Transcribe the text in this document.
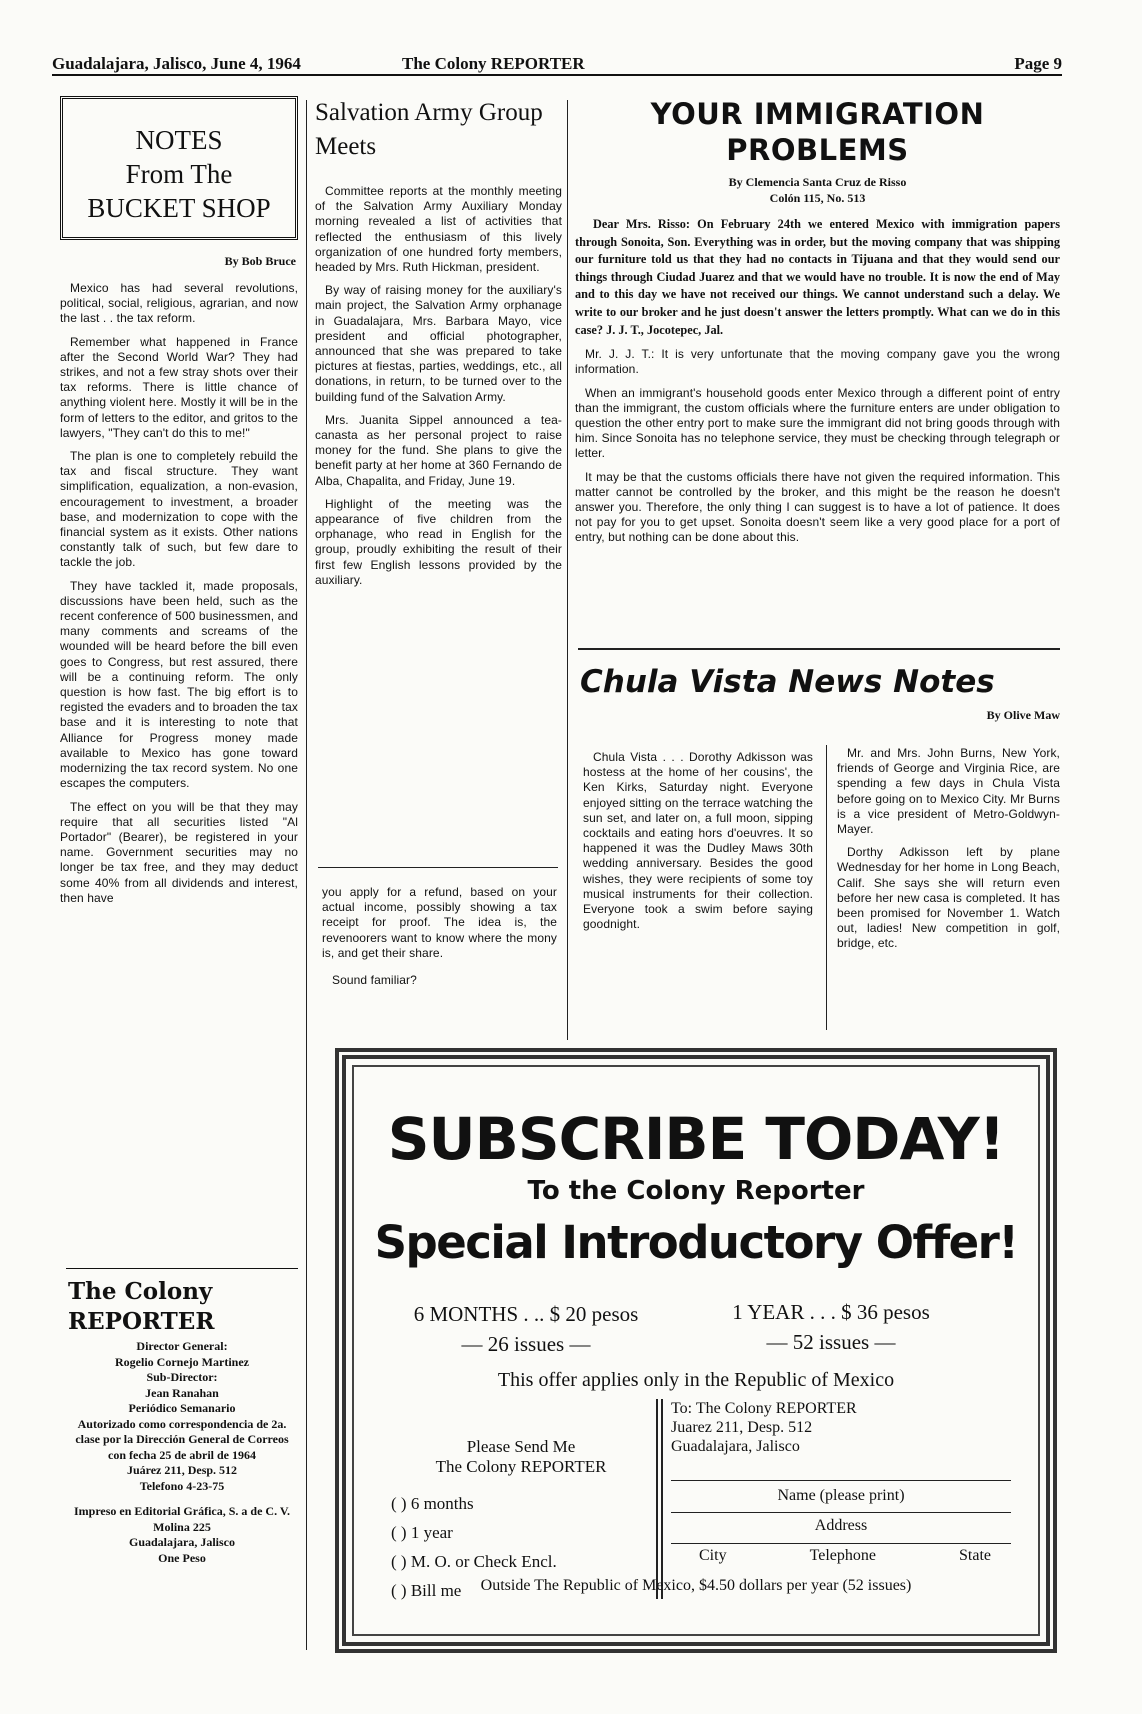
Guadalajara, Jalisco, June 4, 1964	The Colony REPORTER	Page 9
NOTES
From The
BUCKET SHOP
By Bob Bruce

Mexico has had several revolutions, political, social, religious, agrarian, and now the last . . the tax reform.

Remember what happened in France after the Second World War? They had strikes, and not a few stray shots over their tax reforms. There is little chance of anything violent here. Mostly it will be in the form of letters to the editor, and gritos to the lawyers, "They can't do this to me!"

The plan is one to completely rebuild the tax and fiscal structure. They want simplification, equalization, a non-evasion, encouragement to investment, a broader base, and modernization to cope with the financial system as it exists. Other nations constantly talk of such, but few dare to tackle the job.

They have tackled it, made proposals, discussions have been held, such as the recent conference of 500 businessmen, and many comments and screams of the wounded will be heard before the bill even goes to Congress, but rest assured, there will be a continuing reform. The only question is how fast. The big effort is to registed the evaders and to broaden the tax base and it is interesting to note that Alliance for Progress money made available to Mexico has gone toward modernizing the tax record system. No one escapes the computers.

The effect on you will be that they may require that all securities listed "Al Portador" (Bearer), be registered in your name. Government securities may no longer be tax free, and they may deduct some 40% from all dividends and interest, then have

The Colony REPORTER
Director General:
Rogelio Cornejo Martinez
Sub-Director:
Jean Ranahan
Periódico Semanario
Autorizado como correspondencia de 2a. clase por la Dirección General de Correos con fecha 25 de abril de 1964
Juárez 211, Desp. 512
Telefono 4-23-75
Impreso en Editorial Gráfica, S. a de C. V.
Molina 225
Guadalajara, Jalisco
One Peso
Salvation Army Group Meets

Committee reports at the monthly meeting of the Salvation Army Auxiliary Monday morning revealed a list of activities that reflected the enthusiasm of this lively organization of one hundred forty members, headed by Mrs. Ruth Hickman, president.

By way of raising money for the auxiliary's main project, the Salvation Army orphanage in Guadalajara, Mrs. Barbara Mayo, vice president and official photographer, announced that she was prepared to take pictures at fiestas, parties, weddings, etc., all donations, in return, to be turned over to the building fund of the Salvation Army.

Mrs. Juanita Sippel announced a tea-canasta as her personal project to raise money for the fund. She plans to give the benefit party at her home at 360 Fernando de Alba, Chapalita, and Friday, June 19.

Highlight of the meeting was the appearance of five children from the orphanage, who read in English for the group, proudly exhibiting the result of their first few English lessons provided by the auxiliary.

you apply for a refund, based on your actual income, possibly showing a tax receipt for proof. The idea is, the revenoorers want to know where the mony is, and get their share.

Sound familiar?

YOUR IMMIGRATION PROBLEMS
By Clemencia Santa Cruz de Risso
Colón 115, No. 513
Dear Mrs. Risso: On February 24th we entered Mexico with immigration papers through Sonoita, Son. Everything was in order, but the moving company that was shipping our furniture told us that they had no contacts in Tijuana and that they would send our things through Ciudad Juarez and that we would have no trouble. It is now the end of May and to this day we have not received our things. We cannot understand such a delay. We write to our broker and he just doesn't answer the letters promptly. What can we do in this case? J. J. T., Jocotepec, Jal.

Mr. J. J. T.: It is very unfortunate that the moving company gave you the wrong information.

When an immigrant's household goods enter Mexico through a different point of entry than the immigrant, the custom officials where the furniture enters are under obligation to question the other entry port to make sure the immigrant did not bring goods through with him. Since Sonoita has no telephone service, they must be checking through telegraph or letter.

It may be that the customs officials there have not given the required information. This matter cannot be controlled by the broker, and this might be the reason he doesn't answer you. Therefore, the only thing I can suggest is to have a lot of patience. It does not pay for you to get upset. Sonoita doesn't seem like a very good place for a port of entry, but nothing can be done about this.

Chula Vista News Notes
By Olive Maw

Chula Vista . . . Dorothy Adkisson was hostess at the home of her cousins', the Ken Kirks, Saturday night. Everyone enjoyed sitting on the terrace watching the sun set, and later on, a full moon, sipping cocktails and eating hors d'oeuvres. It so happened it was the Dudley Maws 30th wedding anniversary. Besides the good wishes, they were recipients of some toy musical instruments for their collection. Everyone took a swim before saying goodnight.

Mr. and Mrs. John Burns, New York, friends of George and Virginia Rice, are spending a few days in Chula Vista before going on to Mexico City. Mr Burns is a vice president of Metro-Goldwyn-Mayer.

Dorthy Adkisson left by plane Wednesday for her home in Long Beach, Calif. She says she will return even before her new casa is completed. It has been promised for November 1. Watch out, ladies! New competition in golf, bridge, etc.

SUBSCRIBE TODAY!
To the Colony Reporter
Special Introductory Offer!
6 MONTHS . .. $ 20 pesos
— 26 issues —
1 YEAR . . . $ 36 pesos
— 52 issues —
This offer applies only in the Republic of Mexico
To: The Colony REPORTER
Juarez 211, Desp. 512
Guadalajara, Jalisco
Please Send Me
The Colony REPORTER
( ) 6 months
( ) 1 year
( ) M. O. or Check Encl.
( ) Bill me
Name (please print)
Address
City	Telephone	State
Outside The Republic of Mexico, $4.50 dollars per year (52 issues)
